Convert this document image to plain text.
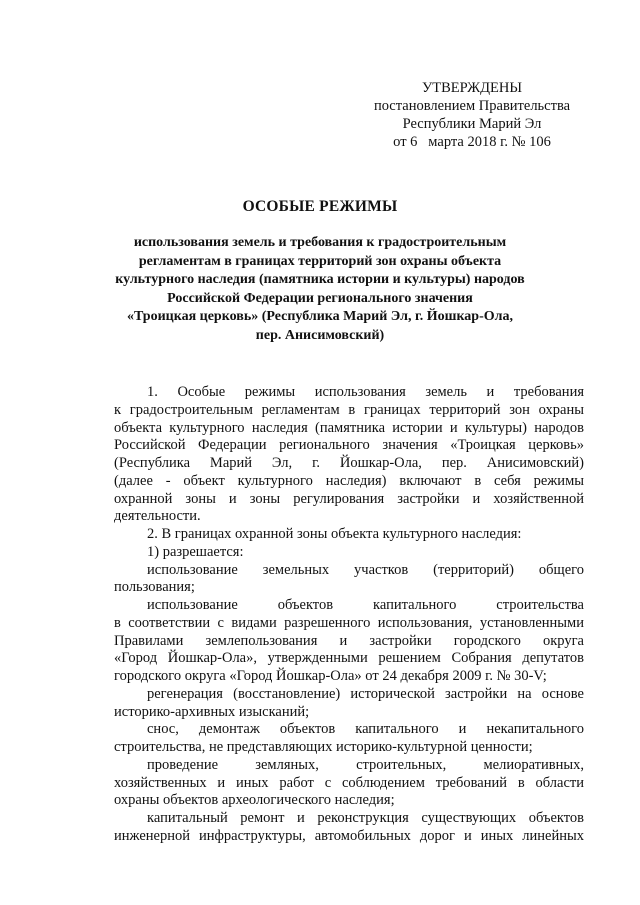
УТВЕРЖДЕНЫ
постановлением Правительства
Республики Марий Эл
от 6   марта 2018 г. № 106
ОСОБЫЕ РЕЖИМЫ
использования земель и требования к градостроительным
регламентам в границах территорий зон охраны объекта
культурного наследия (памятника истории и культуры) народов
Российской Федерации регионального значения
«Троицкая церковь» (Республика Марий Эл, г. Йошкар-Ола,
пер. Анисимовский)
1. Особые режимы использования земель и требования
к градостроительным регламентам в границах территорий зон охраны
объекта культурного наследия (памятника истории и культуры) народов
Российской Федерации регионального значения «Троицкая церковь»
(Республика Марий Эл, г. Йошкар-Ола, пер. Анисимовский)
(далее - объект культурного наследия) включают в себя режимы
охранной зоны и зоны регулирования застройки и хозяйственной
деятельности.
2. В границах охранной зоны объекта культурного наследия:
1) разрешается:
использование земельных участков (территорий) общего
пользования;
использование объектов капитального строительства
в соответствии с видами разрешенного использования, установленными
Правилами землепользования и застройки городского округа
«Город Йошкар-Ола», утвержденными решением Собрания депутатов
городского округа «Город Йошкар-Ола» от 24 декабря 2009 г. № 30-V;
регенерация (восстановление) исторической застройки на основе
историко-архивных изысканий;
снос, демонтаж объектов капитального и некапитального
строительства, не представляющих историко-культурной ценности;
проведение земляных, строительных, мелиоративных,
хозяйственных и иных работ с соблюдением требований в области
охраны объектов археологического наследия;
капитальный ремонт и реконструкция существующих объектов
инженерной инфраструктуры, автомобильных дорог и иных линейных
